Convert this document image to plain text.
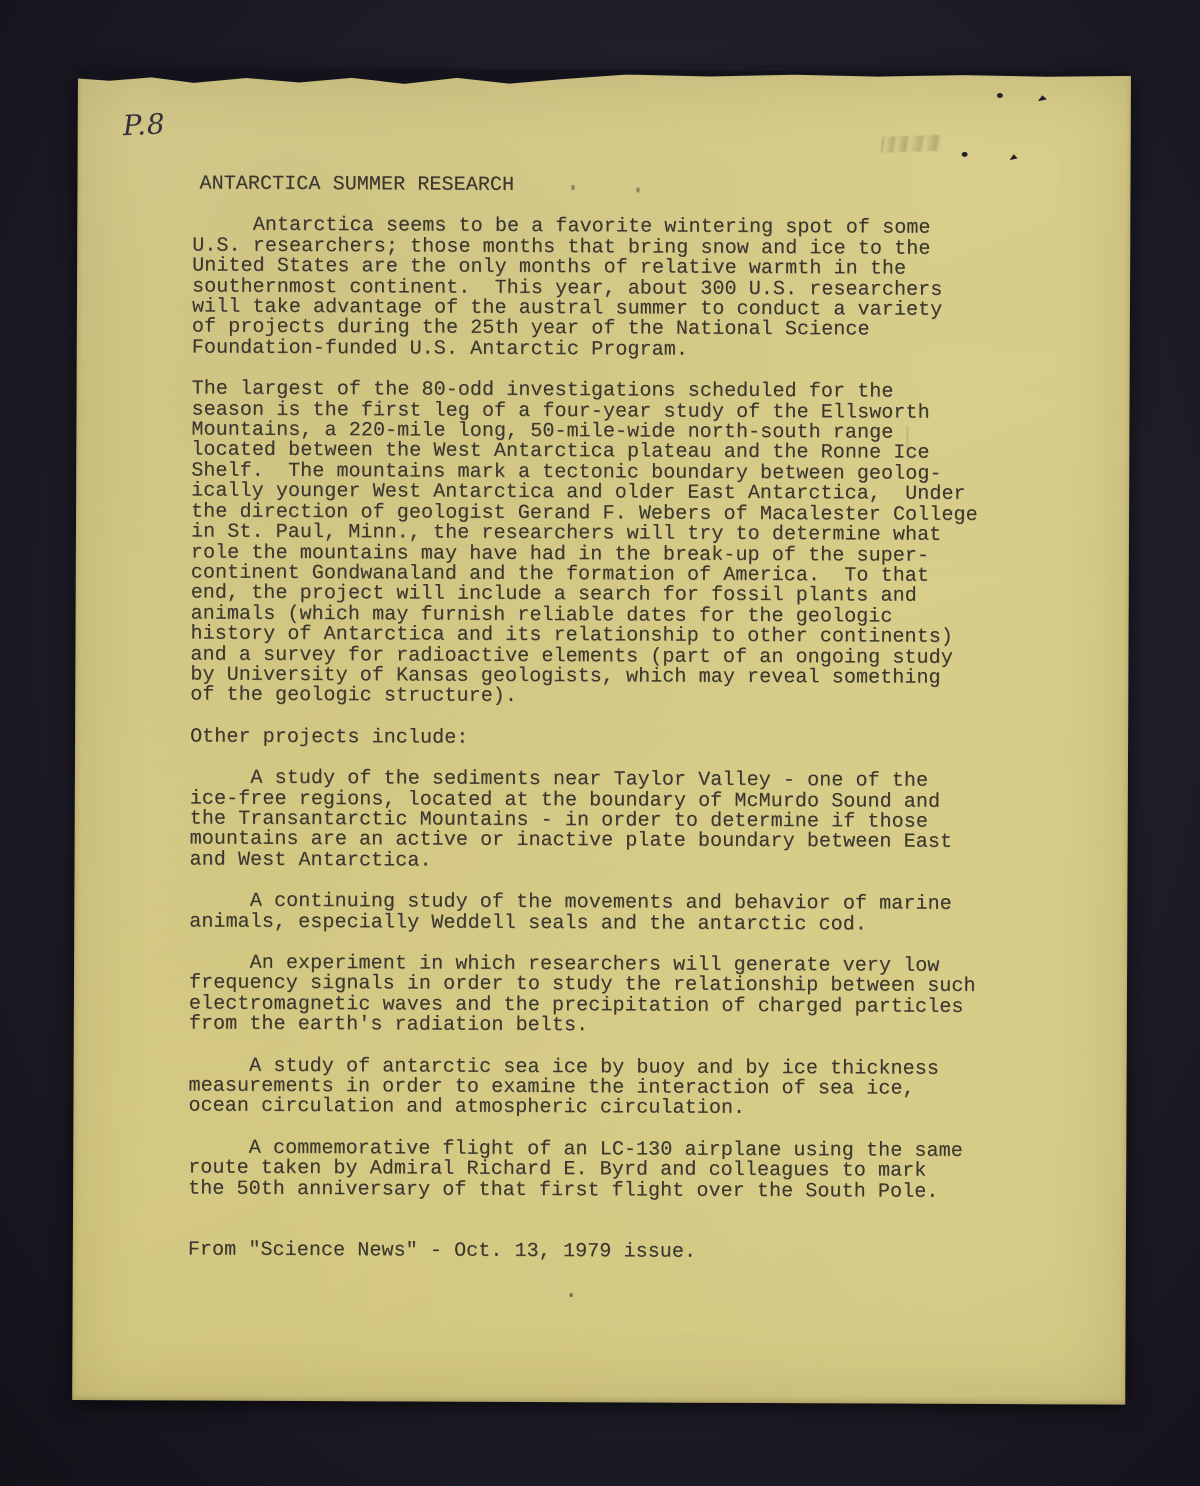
P.8
ANTARCTICA SUMMER RESEARCH
Antarctica seems to be a favorite wintering spot of some
U.S. researchers; those months that bring snow and ice to the
United States are the only months of relative warmth in the
southernmost continent.  This year, about 300 U.S. researchers
will take advantage of the austral summer to conduct a variety
of projects during the 25th year of the National Science
Foundation-funded U.S. Antarctic Program.
The largest of the 80-odd investigations scheduled for the
season is the first leg of a four-year study of the Ellsworth
Mountains, a 220-mile long, 50-mile-wide north-south range
located between the West Antarctica plateau and the Ronne Ice
Shelf.  The mountains mark a tectonic boundary between geolog-
ically younger West Antarctica and older East Antarctica,  Under
the direction of geologist Gerand F. Webers of Macalester College
in St. Paul, Minn., the researchers will try to determine what
role the mountains may have had in the break-up of the super-
continent Gondwanaland and the formation of America.  To that
end, the project will include a search for fossil plants and
animals (which may furnish reliable dates for the geologic
history of Antarctica and its relationship to other continents)
and a survey for radioactive elements (part of an ongoing study
by University of Kansas geologists, which may reveal something
of the geologic structure).
Other projects include:
A study of the sediments near Taylor Valley - one of the
ice-free regions, located at the boundary of McMurdo Sound and
the Transantarctic Mountains - in order to determine if those
mountains are an active or inactive plate boundary between East
and West Antarctica.
A continuing study of the movements and behavior of marine
animals, especially Weddell seals and the antarctic cod.
An experiment in which researchers will generate very low
frequency signals in order to study the relationship between such
electromagnetic waves and the precipitation of charged particles
from the earth's radiation belts.
A study of antarctic sea ice by buoy and by ice thickness
measurements in order to examine the interaction of sea ice,
ocean circulation and atmospheric circulation.
A commemorative flight of an LC-130 airplane using the same
route taken by Admiral Richard E. Byrd and colleagues to mark
the 50th anniversary of that first flight over the South Pole.
From "Science News" - Oct. 13, 1979 issue.
